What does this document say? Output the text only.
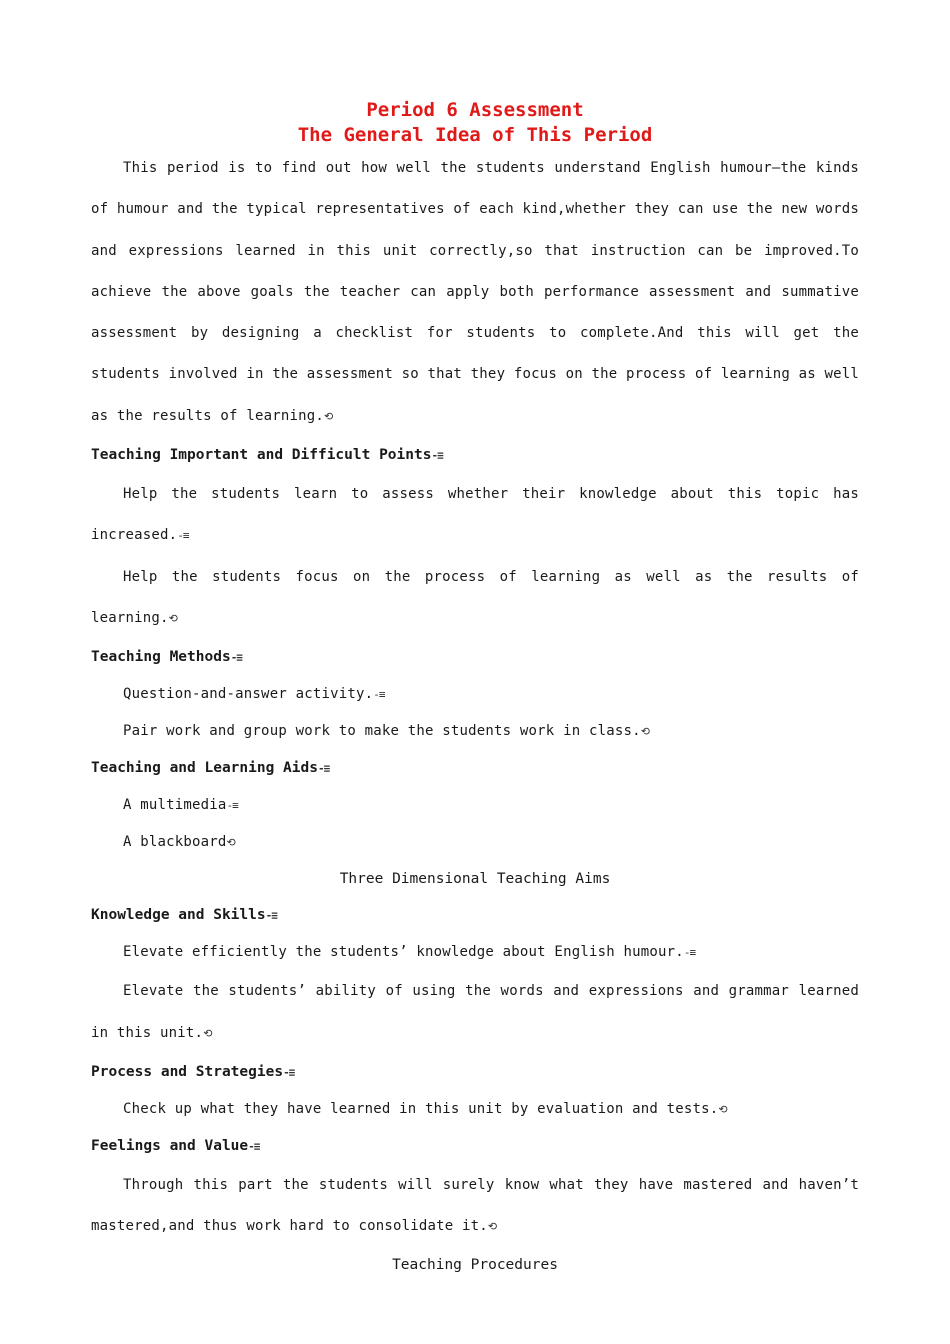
Period 6 Assessment

The General Idea of This Period

This period is to find out how well the students understand English humour—the kinds of humour and the typical representatives of each kind,whether they can use the new words and expressions learned in this unit correctly,so that instruction can be improved.To achieve the above goals the teacher can apply both performance assessment and summative assessment by designing a checklist for students to complete.And this will get the students involved in the assessment so that they focus on the process of learning as well as the results of learning.⟲

Teaching Important and Difficult Points-≡

Help the students learn to assess whether their knowledge about this topic has increased.-≡

Help the students focus on the process of learning as well as the results of learning.⟲

Teaching Methods-≡

Question-and-answer activity.-≡

Pair work and group work to make the students work in class.⟲

Teaching and Learning Aids-≡

A multimedia-≡

A blackboard⟲

Three Dimensional Teaching Aims

Knowledge and Skills-≡

Elevate efficiently the students’ knowledge about English humour.-≡

Elevate the students’ ability of using the words and expressions and grammar learned in this unit.⟲

Process and Strategies-≡

Check up what they have learned in this unit by evaluation and tests.⟲

Feelings and Value-≡

Through this part the students will surely know what they have mastered and haven’t mastered,and thus work hard to consolidate it.⟲

Teaching Procedures
